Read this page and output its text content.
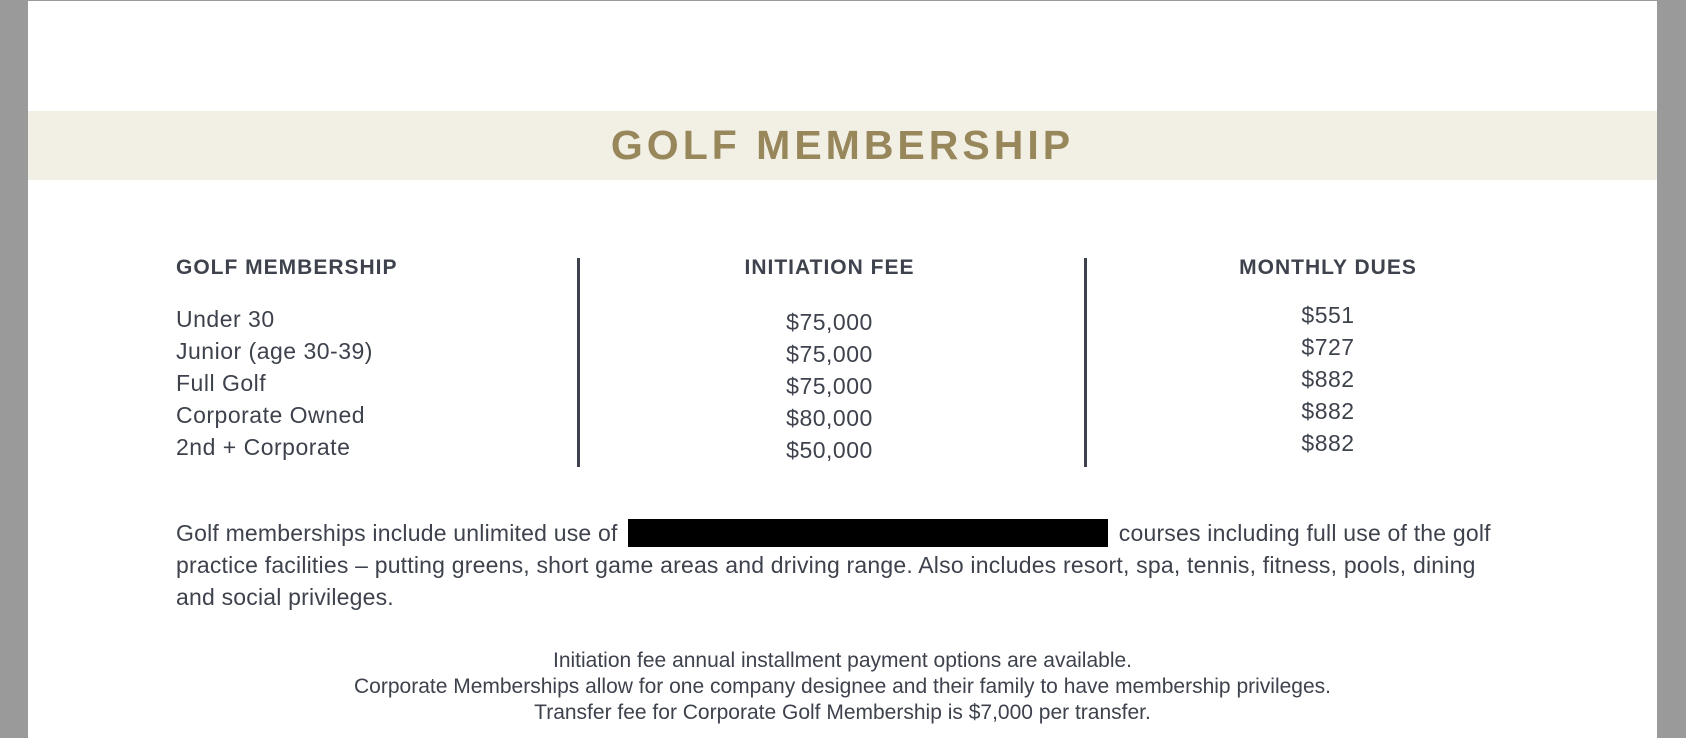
GOLF MEMBERSHIP
GOLF MEMBERSHIP
Under 30
Junior (age 30-39)
Full Golf
Corporate Owned
2nd + Corporate
INITIATION FEE
$75,000
$75,000
$75,000
$80,000
$50,000
MONTHLY DUES
$551
$727
$882
$882
$882
Golf memberships include unlimited use of	courses including full use of the golf practice facilities – putting greens, short game areas and driving range. Also includes resort, spa, tennis, fitness, pools, dining and social privileges.
Initiation fee annual installment payment options are available.
Corporate Memberships allow for one company designee and their family to have membership privileges.
Transfer fee for Corporate Golf Membership is $7,000 per transfer.
